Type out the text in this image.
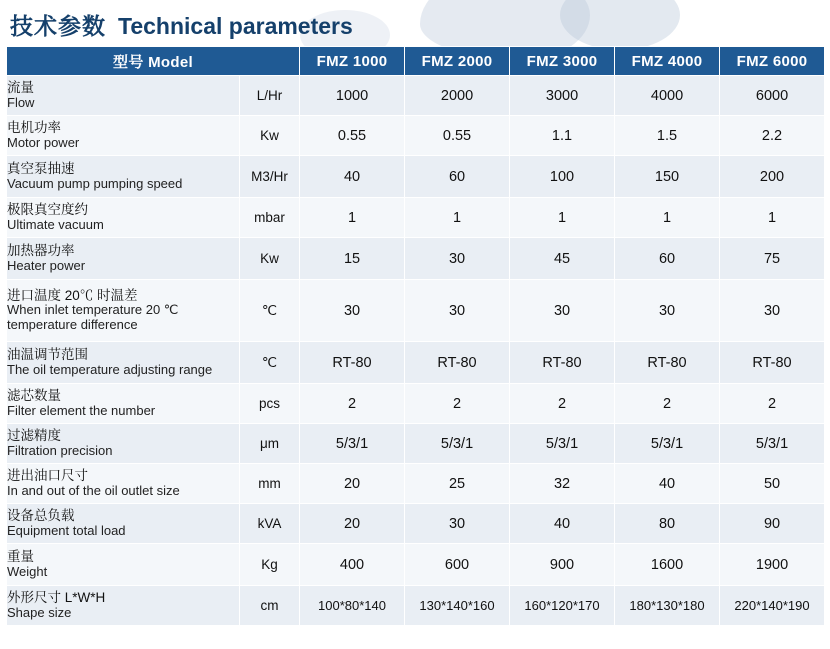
技术参数 Technical parameters
型号 Model		FMZ 1000	FMZ 2000	FMZ 3000	FMZ 4000	FMZ 6000

流量
Flow	L/Hr	1000	2000	3000	4000	6000

电机功率
Motor power	Kw	0.55	0.55	1.1	1.5	2.2

真空泵抽速
Vacuum pump pumping speed	M3/Hr	40	60	100	150	200

极限真空度约
Ultimate vacuum	mbar	1	1	1	1	1

加热器功率
Heater power	Kw	15	30	45	60	75

进口温度 20℃ 时温差
When inlet temperature 20 ℃ temperature difference	℃	30	30	30	30	30

油温调节范围
The oil temperature adjusting range	℃	RT-80	RT-80	RT-80	RT-80	RT-80

滤芯数量
Filter element the number	pcs	2	2	2	2	2

过滤精度
Filtration precision	μm	5/3/1	5/3/1	5/3/1	5/3/1	5/3/1

进出油口尺寸
In and out of the oil outlet size	mm	20	25	32	40	50

设备总负载
Equipment total load	kVA	20	30	40	80	90

重量
Weight	Kg	400	600	900	1600	1900

外形尺寸 L*W*H
Shape size	cm	100*80*140	130*140*160	160*120*170	180*130*180	220*140*190
